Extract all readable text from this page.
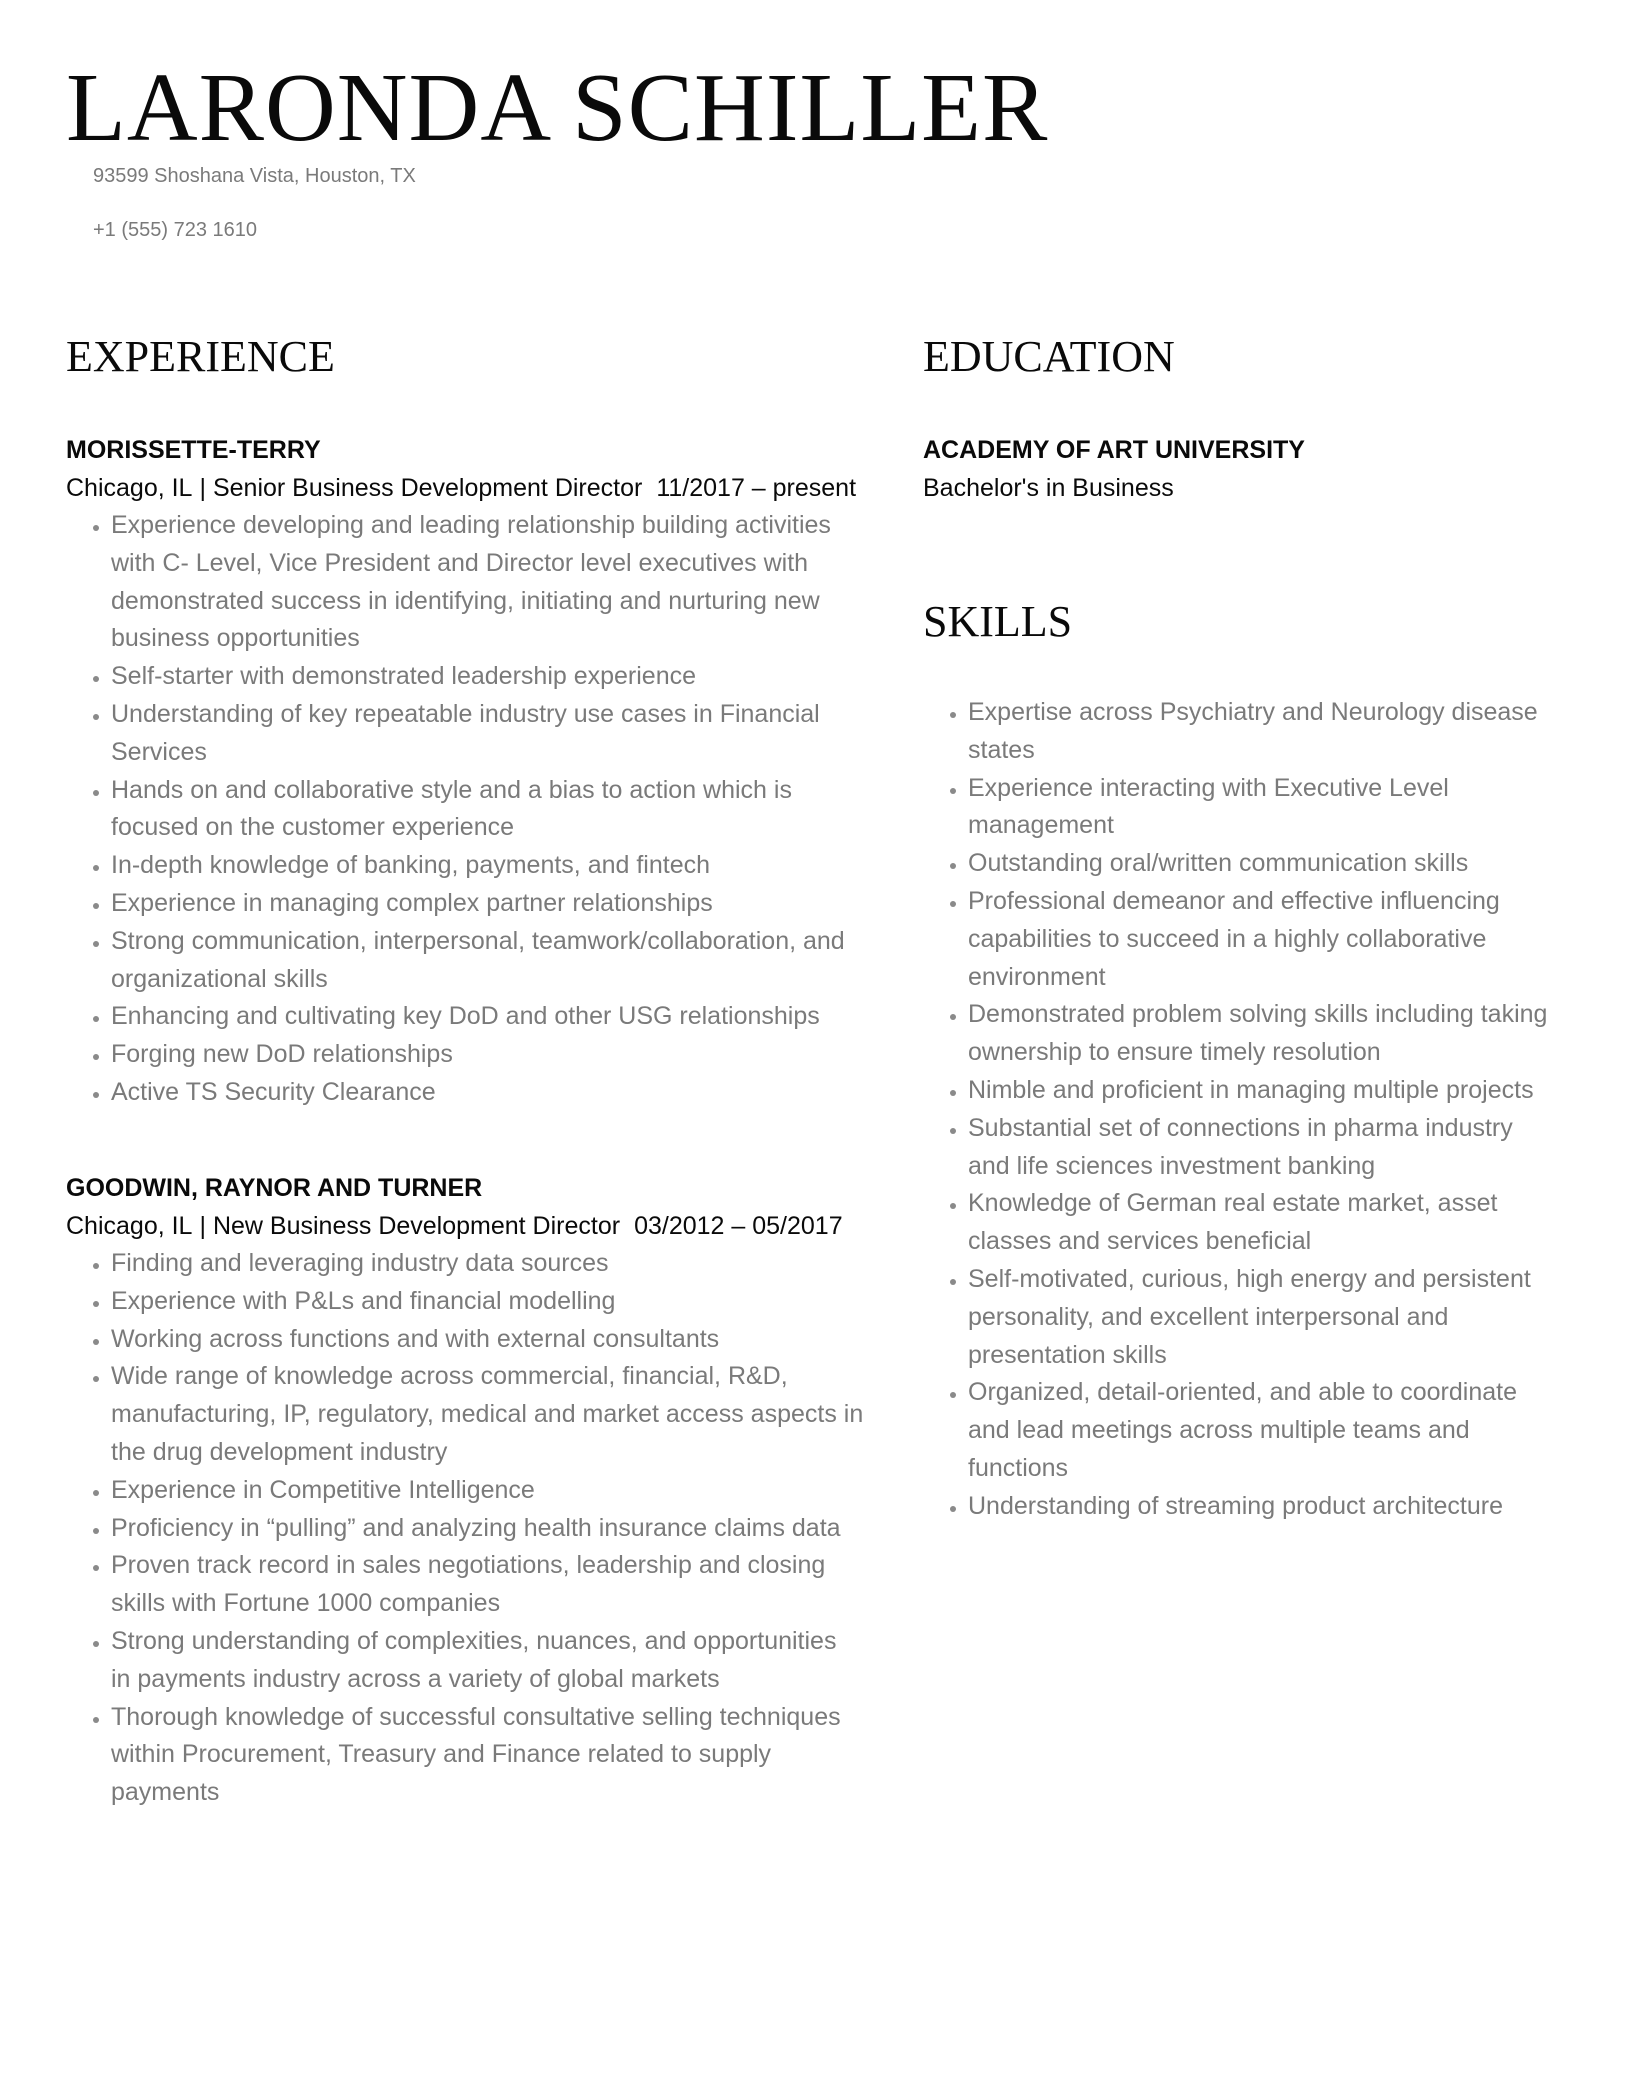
LARONDA SCHILLER

93599 Shoshana Vista, Houston, TX

+1 (555) 723 1610

EXPERIENCE

MORISSETTE-TERRY

Chicago, IL | Senior Business Development Director 11/2017 – present

• Experience developing and leading relationship building activities with C- Level, Vice President and Director level executives with demonstrated success in identifying, initiating and nurturing new business opportunities
• Self-starter with demonstrated leadership experience
• Understanding of key repeatable industry use cases in Financial Services
• Hands on and collaborative style and a bias to action which is focused on the customer experience
• In-depth knowledge of banking, payments, and fintech
• Experience in managing complex partner relationships
• Strong communication, interpersonal, teamwork/collaboration, and organizational skills
• Enhancing and cultivating key DoD and other USG relationships
• Forging new DoD relationships
• Active TS Security Clearance

GOODWIN, RAYNOR AND TURNER

Chicago, IL | New Business Development Director 03/2012 – 05/2017

• Finding and leveraging industry data sources
• Experience with P&Ls and financial modelling
• Working across functions and with external consultants
• Wide range of knowledge across commercial, financial, R&D, manufacturing, IP, regulatory, medical and market access aspects in the drug development industry
• Experience in Competitive Intelligence
• Proficiency in “pulling” and analyzing health insurance claims data
• Proven track record in sales negotiations, leadership and closing skills with Fortune 1000 companies
• Strong understanding of complexities, nuances, and opportunities in payments industry across a variety of global markets
• Thorough knowledge of successful consultative selling techniques within Procurement, Treasury and Finance related to supply payments
EDUCATION

ACADEMY OF ART UNIVERSITY

Bachelor's in Business

SKILLS
• Expertise across Psychiatry and Neurology disease states
• Experience interacting with Executive Level management
• Outstanding oral/written communication skills
• Professional demeanor and effective influencing capabilities to succeed in a highly collaborative environment
• Demonstrated problem solving skills including taking ownership to ensure timely resolution
• Nimble and proficient in managing multiple projects
• Substantial set of connections in pharma industry and life sciences investment banking
• Knowledge of German real estate market, asset classes and services beneficial
• Self-motivated, curious, high energy and persistent personality, and excellent interpersonal and presentation skills
• Organized, detail-oriented, and able to coordinate and lead meetings across multiple teams and functions
• Understanding of streaming product architecture
